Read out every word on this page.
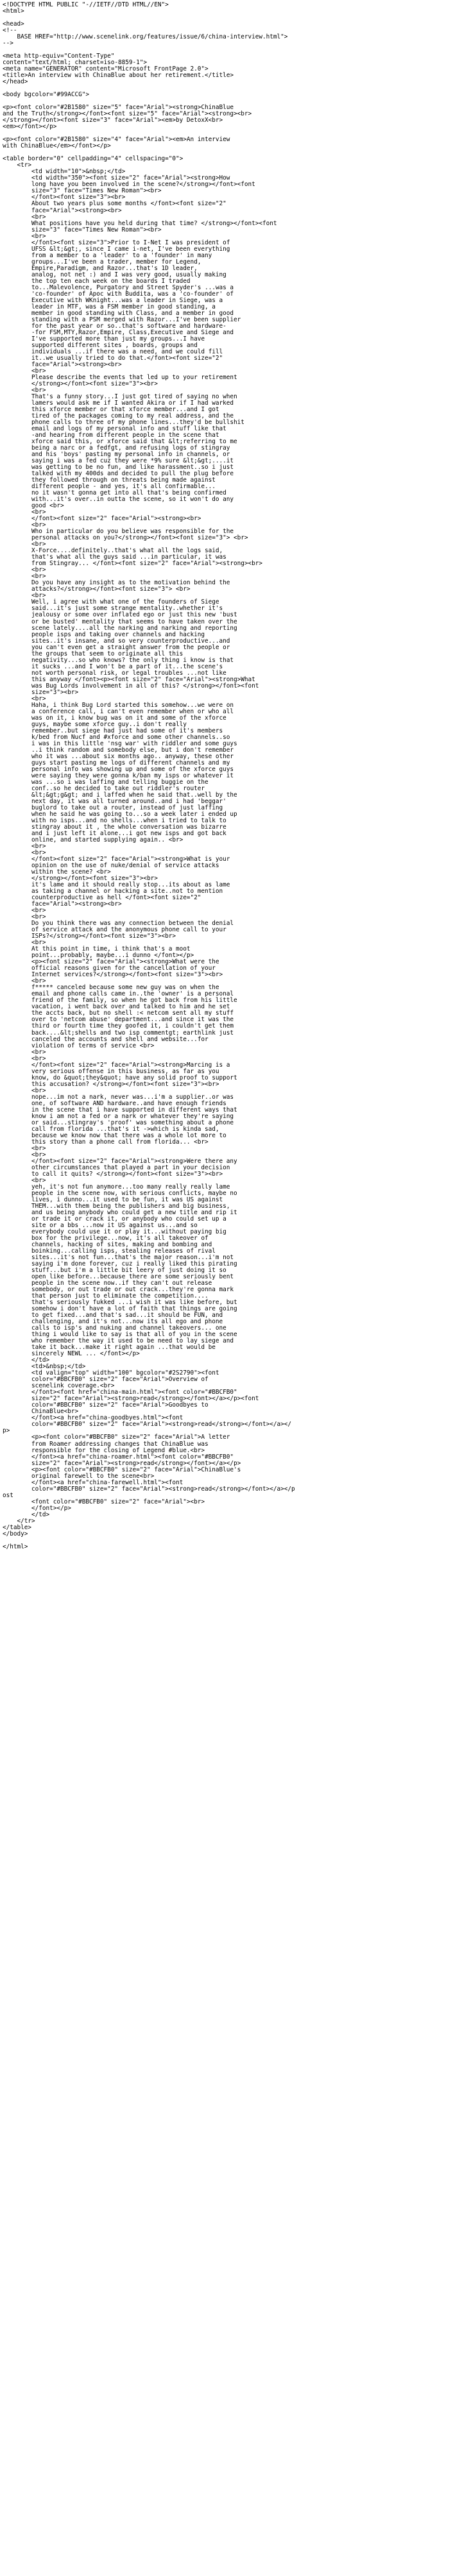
<!DOCTYPE HTML PUBLIC "-//IETF//DTD HTML//EN">
<html>
<head>
<!--
BASE HREF="http://www.scenelink.org/features/issue/6/china-interview.html">
-->
<meta http-equiv="Content-Type"
content="text/html; charset=iso-8859-1">
<meta name="GENERATOR" content="Microsoft FrontPage 2.0">
<title>An interview with ChinaBlue about her retirement.</title>
</head>
<body bgcolor="#99ACCG">
<p><font color="#2B1580" size="5" face="Arial"><strong>ChinaBlue
and the Truth</strong></font><font size="5" face="Arial"><strong><br>
</strong></font><font size="3" face="Arial"><em>by DetoxX<br>
<em></font></p>
<p><font color="#2B1580" size="4" face="Arial"><em>An interview
with ChinaBlue</em></font></p>
<table border="0" cellpadding="4" cellspacing="0">
<tr>
<td width="10">&nbsp;</td>
<td width="350"><font size="2" face="Arial"><strong>How
long have you been involved in the scene?</strong></font><font
size="3" face="Times New Roman"><br>
</font><font size="3"><br>
About two years plus some months </font><font size="2"
face="Arial"><strong><br>
<br>
What positions have you held during that time? </strong></font><font
size="3" face="Times New Roman"><br>
<br>
</font><font size="3">Prior to I-Net I was president of
UFSS &lt;&gt;, since I came i-net, I've been everything
from a member to a 'leader' to a 'founder' in many
groups...I've been a trader, member for Legend,
Empire,Paradigm, and Razor...that's 1D leader,
analog, not net :) and I was very good, usually making
the top ten each week on the boards I traded
to...Malevolence, Purgatory and Street Spyder's ...was a
'co-founder' of Apoc with Buddita, was a 'co-founder' of
Executive with WKnight...was a leader in Siege, was a
leader in MTF, was a FSM member in good standing, a
member in good standing with Class, and a member in good
standing with a PSM merged with Razor...I've been supplier
for the past year or so..that's software and hardware-
-for FSM,MTY,Razor,Empire, Class,Executive and Siege and
I've supported more than just my groups...I have
supported different sites , boards, groups and
individuals ...if there was a need, and we could fill
it..we usually tried to do that.</font><font size="2"
face="Arial"><strong><br>
<br>
Please describe the events that led up to your retirement
</strong></font><font size="3"><br>
<br>
That's a funny story...I just got tired of saying no when
lamers would ask me if I wanted Akira or if I had warked
this xforce member or that xforce member...and I got
tired of the packages coming to my real address, and the
phone calls to three of my phone lines...they'd be bullshit
email and logs of my personal info and stuff like that
-and hearing from different people in the scene that
xforce said this, or xforce said that &lt;referring to me
being a narc or a fedfgt, and refusing logs of stingray
and his 'boys' pasting my personal info in channels, or
saying i was a fed cuz they were *9% sure &lt;&gt;....it
was getting to be no fun, and like harassment..so i just
talked with my 400ds and decided to pull the plug before
they followed through on threats being made against
different people - and yes, it's all confirmable...
no it wasn't gonna get into all that's being confirmed
with...it's over..in outta the scene, so it won't do any
good <br>
<br>
</font><font size="2" face="Arial"><strong><br>
<br>
Who in particular do you believe was responsible for the
personal attacks on you?</strong></font><font size="3"> <br>
<br>
X-Force....definitely..that's what all the logs said,
that's what all the guys said ...in particular, it was
from Stingray... </font><font size="2" face="Arial"><strong><br>
<br>
<br>
Do you have any insight as to the motivation behind the
attacks?</strong></font><font size="3"> <br>
<br>
Well, i agree with what one of the founders of Siege
said...it's just some strange mentality..whether it's
jealousy or some over inflated ego or just this new 'bust
or be busted' mentality that seems to have taken over the
scene lately....all the narking and narking and reporting
people isps and taking over channels and hacking
sites..it's insane, and so very counterproductive...and
you can't even get a straight answer from the people or
the groups that seem to originate all this
negativity...so who knows? the only thing i know is that
it sucks ...and I won't be a part of it...the scene's
not worth personal risk, or legal troubles ...not like
this anyway </font><p><font size="2" face="Arial"><strong>What
was Bug Lords involvement in all of this? </strong></font><font
size="3"><br>
<br>
Haha, i think Bug Lord started this somehow...we were on
a conference call, i can't even remember when or who all
was on it, i know bug was on it and some of the xforce
guys, maybe some xforce guy..i don't really
remember..but siege had just had some of it's members
k/bed from Nucf and #xforce and some other channels..so
i was in this little 'nsg war' with riddler and some guys
..i think random and somebody else, but i don't remember
who it was ...about six months ago.. anyway, these other
guys start pasting me logs of different channels and my
personal info was showing up and some of the xforce guys
were saying they were gonna k/ban my isps or whatever it
was ...so i was laffing and telling buggie on the
conf..so he decided to take out riddler's router
&lt;&gt;g&gt; and i laffed when he said that..well by the
next day, it was all turned around..and i had 'beggar'
buglord to take out a router, instead of just laffing
when he said he was going to...so a week later i ended up
with no isps...and no shells...when i tried to talk to
stingray about it , the whole conversation was bizarre
and i just left it alone...i got new isps and got back
online, and started supplying again.. <br>
<br>
<br>
</font><font size="2" face="Arial"><strong>What is your
opinion on the use of nuke/denial of service attacks
within the scene? <br>
</strong></font><font size="3"><br>
it's lame and it should really stop...its about as lame
as taking a channel or hacking a site..not to mention
counterproductive as hell </font><font size="2"
face="Arial"><strong><br>
<br>
<br>
Do you think there was any connection between the denial
of service attack and the anonymous phone call to your
ISPs?</strong></font><font size="3"><br>
<br>
At this point in time, i think that's a moot
point...probably, maybe...i dunno </font></p>
<p><font size="2" face="Arial"><strong>What were the
official reasons given for the cancellation of your
Internet services?</strong></font><font size="3"><br>
<br>
f***** canceled because some new guy was on when the
email and phone calls came in..the 'owner' is a personal
friend of the family, so when he got back from his little
vacation, i went back over and talked to him and he set
the accts back, but no shell :< netcom sent all my stuff
over to 'netcom abuse' department...and since it was the
third or fourth time they goofed it, i couldn't get them
back....&lt;shells and two isp commentgt; earthlink just
canceled the accounts and shell and website...for
violation of terms of service <br>
<br>
<br>
</font><font size="2" face="Arial"><strong>Marcing is a
very serious offense in this business, as far as you
know, do &quot;they&quot; have any solid proof to support
this accusation? </strong></font><font size="3"><br>
<br>
nope...im not a nark, never was...i'm a supplier..or was
one, of software AND hardware..and have enough friends
in the scene that i have supported in different ways that
know i am not a fed or a nark or whatever they're saying
or said...stingray's 'proof' was something about a phone
call from florida ...that's it ->which is kinda sad,
because we know now that there was a whole lot more to
this story than a phone call from florida... <br>
<br>
<br>
</font><font size="2" face="Arial"><strong>Were there any
other circumstances that played a part in your decision
to call it quits? </strong></font><font size="3"><br>
<br>
yeh, it's not fun anymore...too many really really lame
people in the scene now, with serious conflicts, maybe no
lives, i dunno...it used to be fun, it was US against
THEM...with them being the publishers and big business,
and us being anybody who could get a new title and rip it
or trade it or crack it, or anybody who could set up a
site or a bbs ...now it US against us...and so
everybody could use it or play it...without paying big
box for the privilege...now, it's all takeover of
channels, hacking of sites, making and bombing and
boinking...calling isps, stealing releases of rival
sites...it's not fun...that's the major reason...i'm not
saying i'm done forever, cuz i really liked this pirating
stuff...but i'm a little bit leery of just doing it so
open like before...because there are some seriously bent
people in the scene now..if they can't out release
somebody, or out trade or out crack...they're gonna mark
that person just to eliminate the competition....
that's seriously fukked ...i wish it was like before, but
somehow i don't have a lot of faith that things are going
to get fixed...and that's sad...it should be FUN, and
challenging, and it's not...now its all ego and phone
calls to isp's and nuking and channel takeovers... one
thing i would like to say is that all of you in the scene
who remember the way it used to be need to lay siege and
take it back...make it right again ...that would be
sincerely NEWL ... </font></p>
</td>
<td>&nbsp;</td>
<td valign="top" width="100" bgcolor="#2S2790"><font
color="#BBCFB0" size="2" face="Arial">Overview of
scenelink coverage.<br>
</font><font href="china-main.html"><font color="#BBCFB0"
size="2" face="Arial"><strong>read</strong></font></a></p><font
color="#BBCFB0" size="2" face="Arial">Goodbyes to
ChinaBlue<br>
</font><a href="china-goodbyes.html"><font
color="#BBCFB0" size="2" face="Arial"><strong>read</strong></font></a></
p>
<p><font color="#BBCFB0" size="2" face="Arial">A letter
from Roamer addressing changes that ChinaBlue was
responsible for the closing of Legend #blue.<br>
</font><a href="china-roamer.html"><font color="#BBCFB0"
size="2" face="Arial"><strong>read</strong></font></a></p>
<p><font color="#BBCFB0" size="2" face="Arial">ChinaBlue's
original farewell to the scene<br>
</font><a href="china-farewell.html"><font
color="#BBCFB0" size="2" face="Arial"><strong>read</strong></font></a></p
ost
<font color="#BBCFB0" size="2" face="Arial"><br>
</font></p>
</td>
</tr>
</table>
</body>
</html>
